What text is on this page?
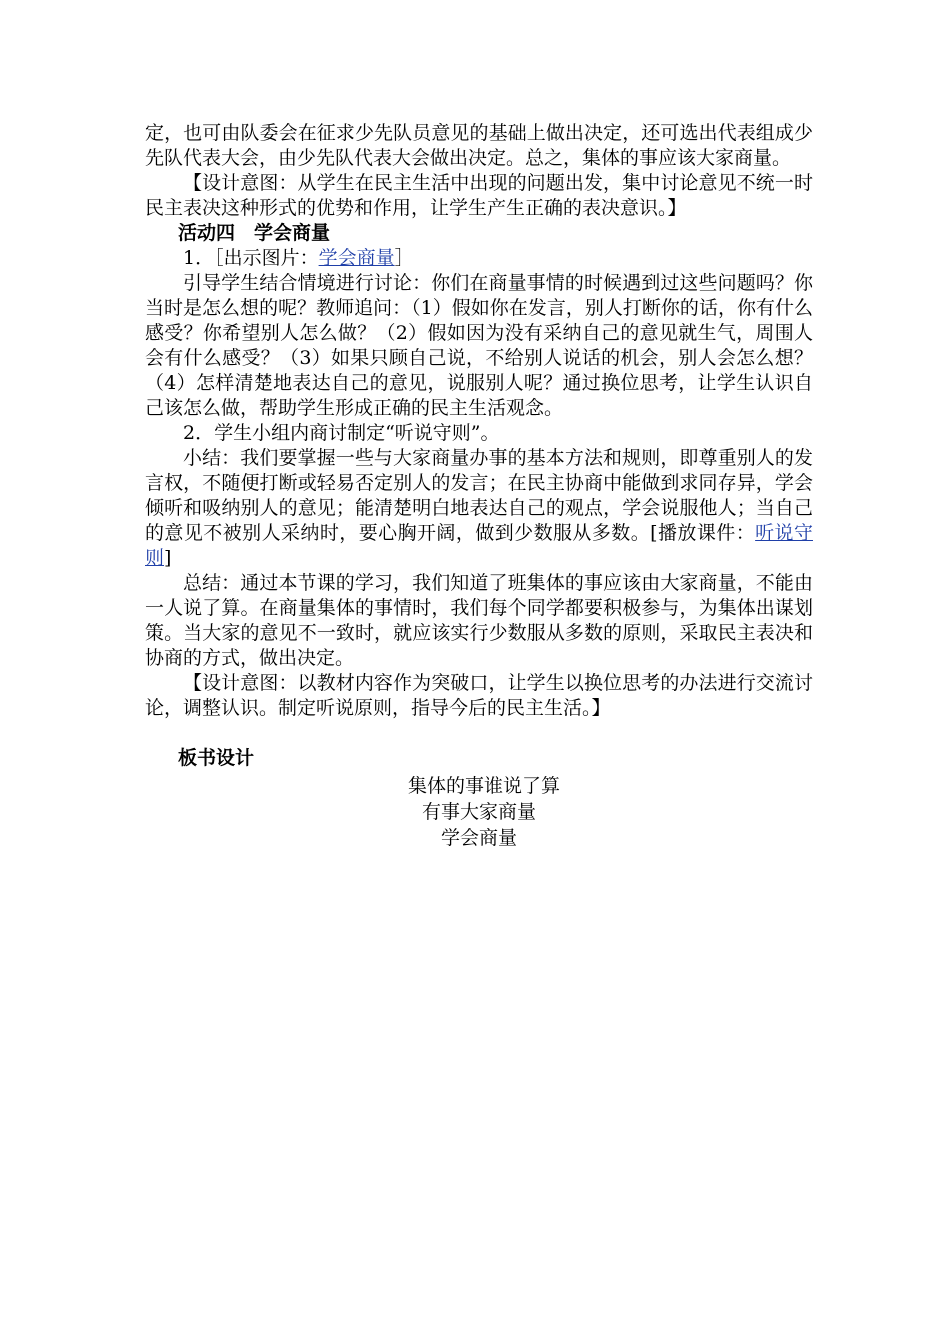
定，也可由队委会在征求少先队员意见的基础上做出决定，还可选出代表组成少先队代表大会，由少先队代表大会做出决定。总之，集体的事应该大家商量。

【设计意图：从学生在民主生活中出现的问题出发，集中讨论意见不统一时民主表决这种形式的优势和作用，让学生产生正确的表决意识。】

活动四　学会商量

1．［出示图片：学会商量］

引导学生结合情境进行讨论：你们在商量事情的时候遇到过这些问题吗？你当时是怎么想的呢？教师追问：（1）假如你在发言，别人打断你的话，你有什么感受？你希望别人怎么做？（2）假如因为没有采纳自己的意见就生气，周围人会有什么感受？（3）如果只顾自己说，不给别人说话的机会，别人会怎么想？（4）怎样清楚地表达自己的意见，说服别人呢？通过换位思考，让学生认识自己该怎么做，帮助学生形成正确的民主生活观念。

2．学生小组内商讨制定“听说守则”。

小结：我们要掌握一些与大家商量办事的基本方法和规则，即尊重别人的发言权，不随便打断或轻易否定别人的发言；在民主协商中能做到求同存异，学会倾听和吸纳别人的意见；能清楚明白地表达自己的观点，学会说服他人；当自己的意见不被别人采纳时，要心胸开阔，做到少数服从多数。[播放课件：听说守则]

总结：通过本节课的学习，我们知道了班集体的事应该由大家商量，不能由一人说了算。在商量集体的事情时，我们每个同学都要积极参与，为集体出谋划策。当大家的意见不一致时，就应该实行少数服从多数的原则，采取民主表决和协商的方式，做出决定。

【设计意图：以教材内容作为突破口，让学生以换位思考的办法进行交流讨论，调整认识。制定听说原则，指导今后的民主生活。】

板书设计

集体的事谁说了算
有事大家商量
学会商量
